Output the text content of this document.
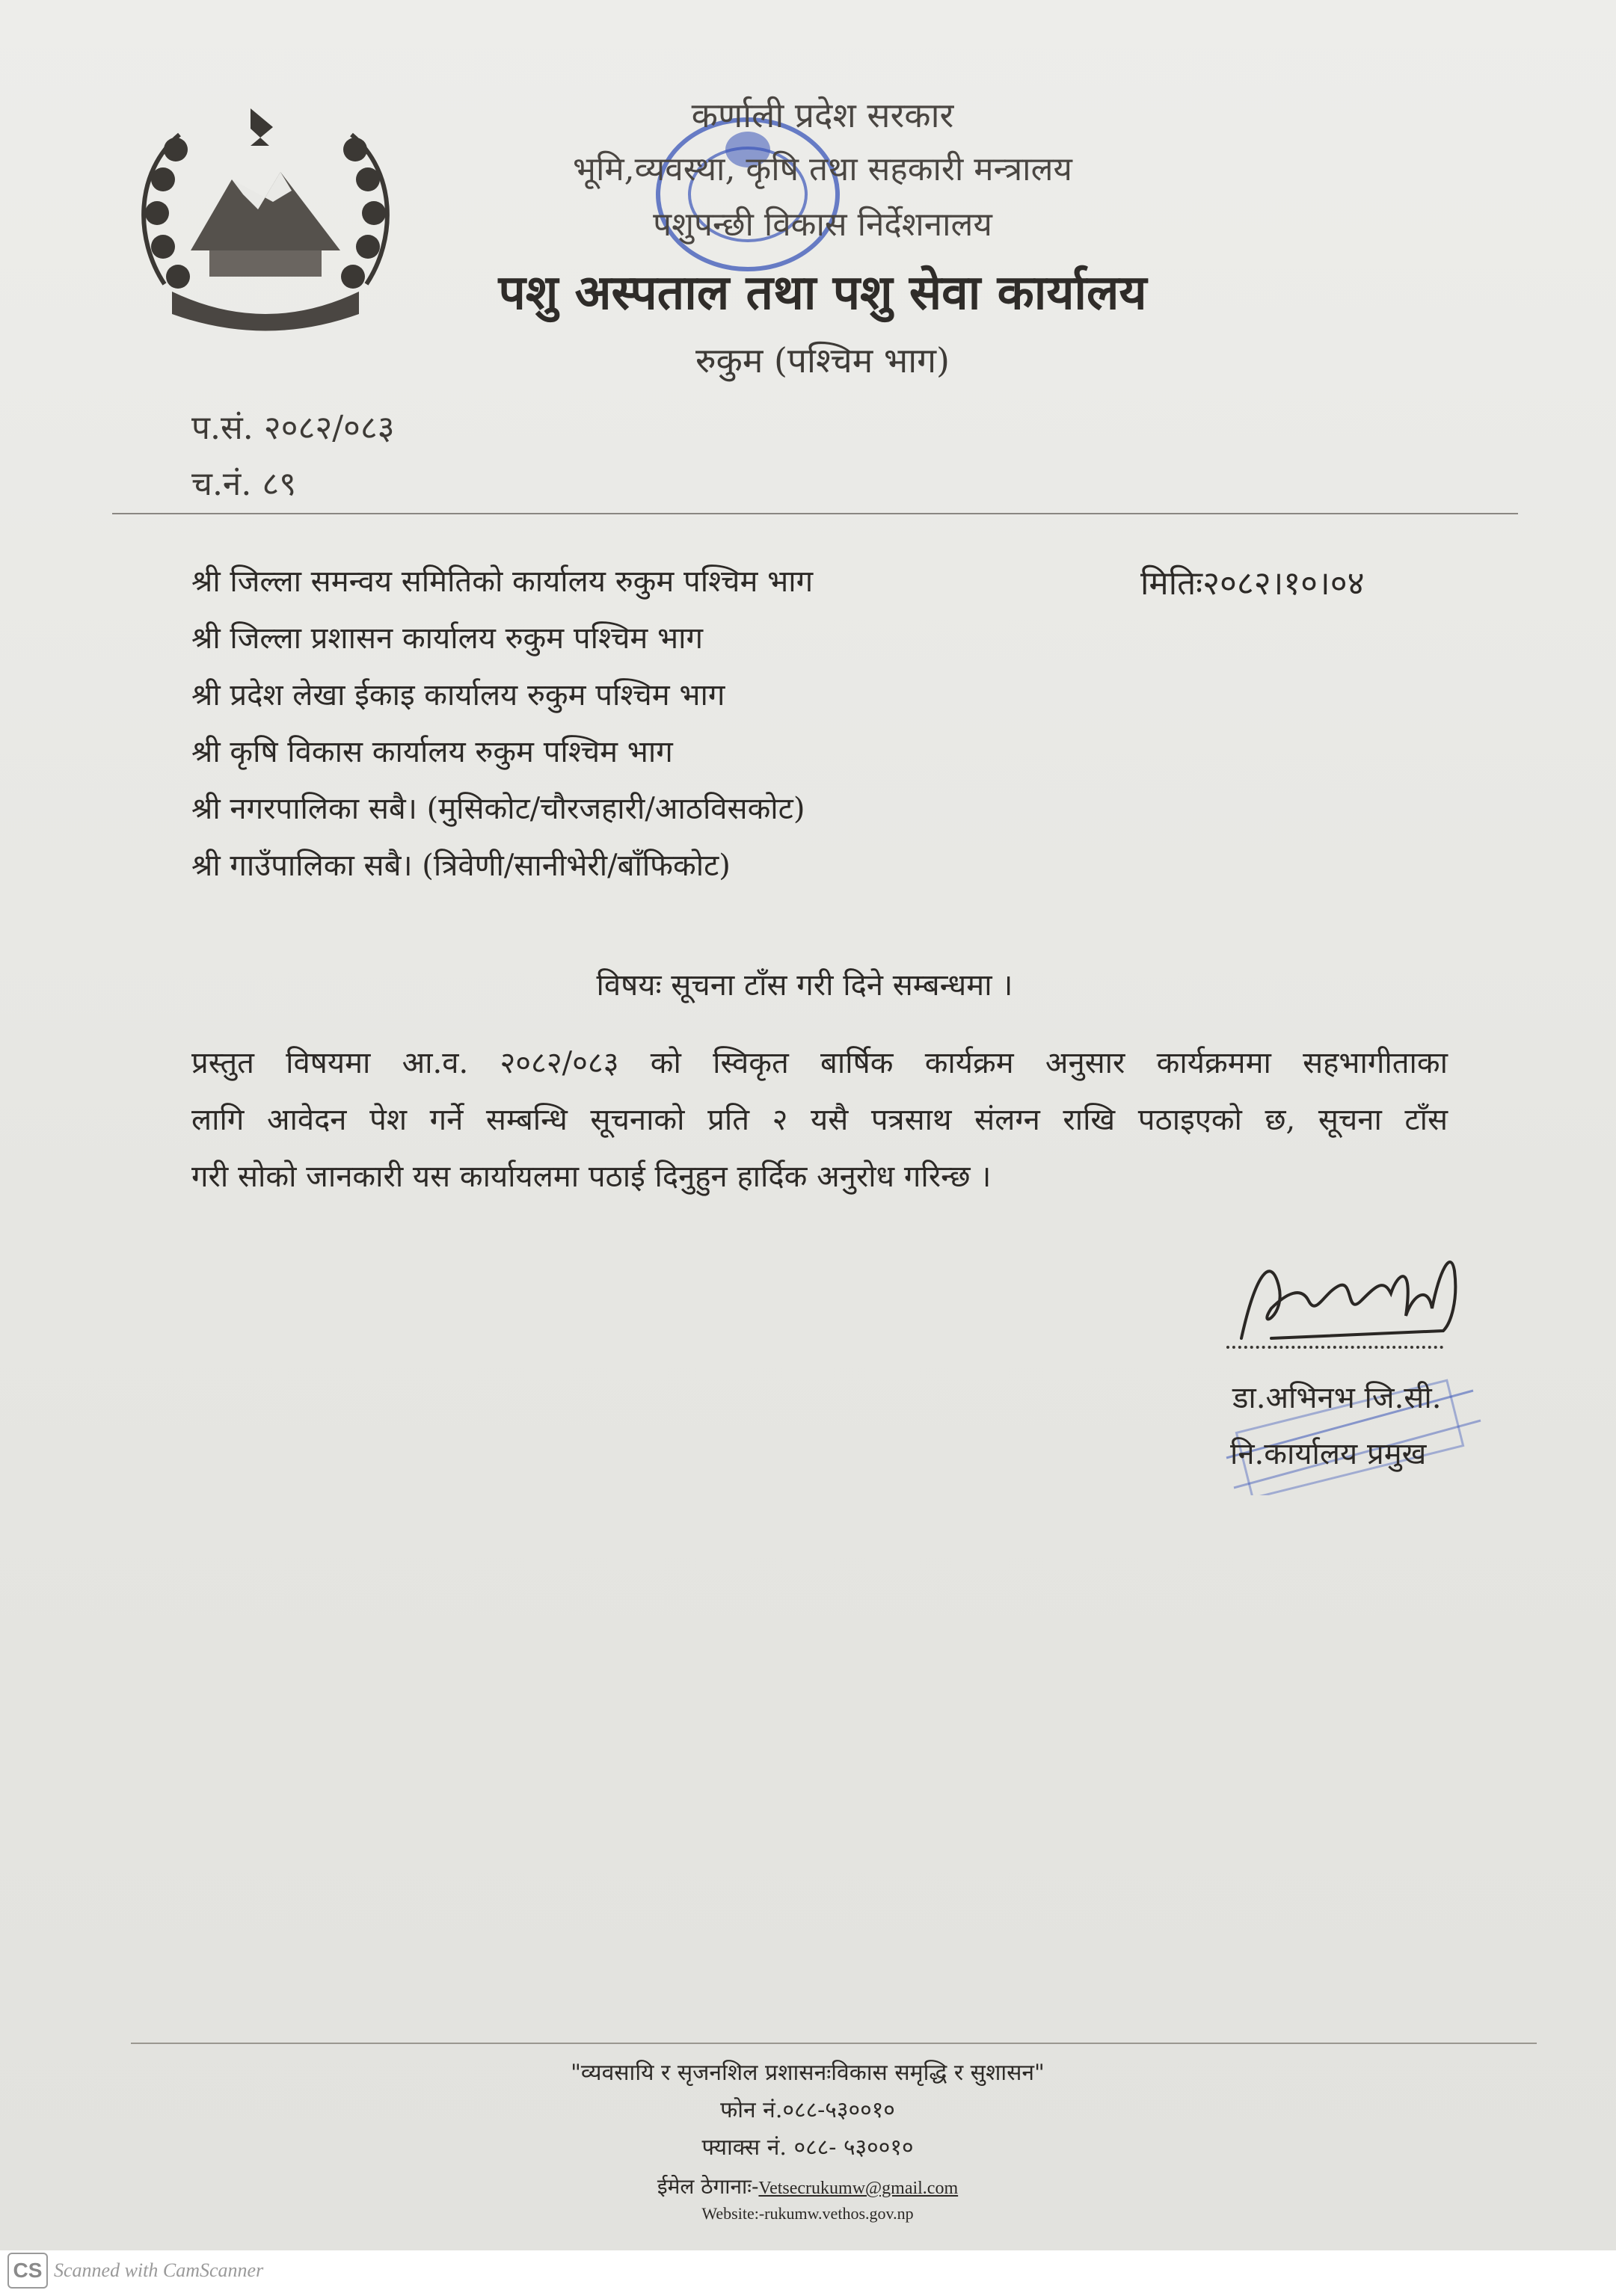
कर्णाली प्रदेश सरकार
भूमि,व्यवस्था, कृषि तथा सहकारी मन्त्रालय
पशुपन्छी विकास निर्देशनालय
पशु अस्पताल तथा पशु सेवा कार्यालय
रुकुम (पश्चिम भाग)
प.सं. २०८२/०८३
च.नं. ८९
मितिः२०८२।१०।०४
श्री जिल्ला समन्वय समितिको कार्यालय रुकुम पश्चिम भाग
श्री जिल्ला प्रशासन कार्यालय रुकुम पश्चिम भाग
श्री प्रदेश लेखा ईकाइ कार्यालय रुकुम पश्चिम भाग
श्री कृषि विकास कार्यालय रुकुम पश्चिम भाग
श्री नगरपालिका सबै। (मुसिकोट/चौरजहारी/आठविसकोट)
श्री गाउँपालिका सबै। (त्रिवेणी/सानीभेरी/बाँफिकोट)
विषयः सूचना टाँस गरी दिने सम्बन्धमा ।
प्रस्तुत विषयमा आ.व. २०८२/०८३ को स्विकृत बार्षिक कार्यक्रम अनुसार कार्यक्रममा सहभागीताका
लागि आवेदन पेश गर्ने सम्बन्धि सूचनाको प्रति २ यसै पत्रसाथ संलग्न राखि पठाइएको छ, सूचना टाँस
गरी सोको जानकारी यस कार्यायलमा पठाई दिनुहुन हार्दिक अनुरोध गरिन्छ ।
डा.अभिनभ जि.सी.
नि.कार्यालय प्रमुख
"व्यवसायि र सृजनशिल प्रशासनःविकास समृद्धि र सुशासन"
फोन नं.०८८-५३००१०
फ्याक्स नं. ०८८- ५३००१०
ईमेल ठेगानाः-Vetsecrukumw@gmail.com
Website:-rukumw.vethos.gov.np
CS Scanned with CamScanner
